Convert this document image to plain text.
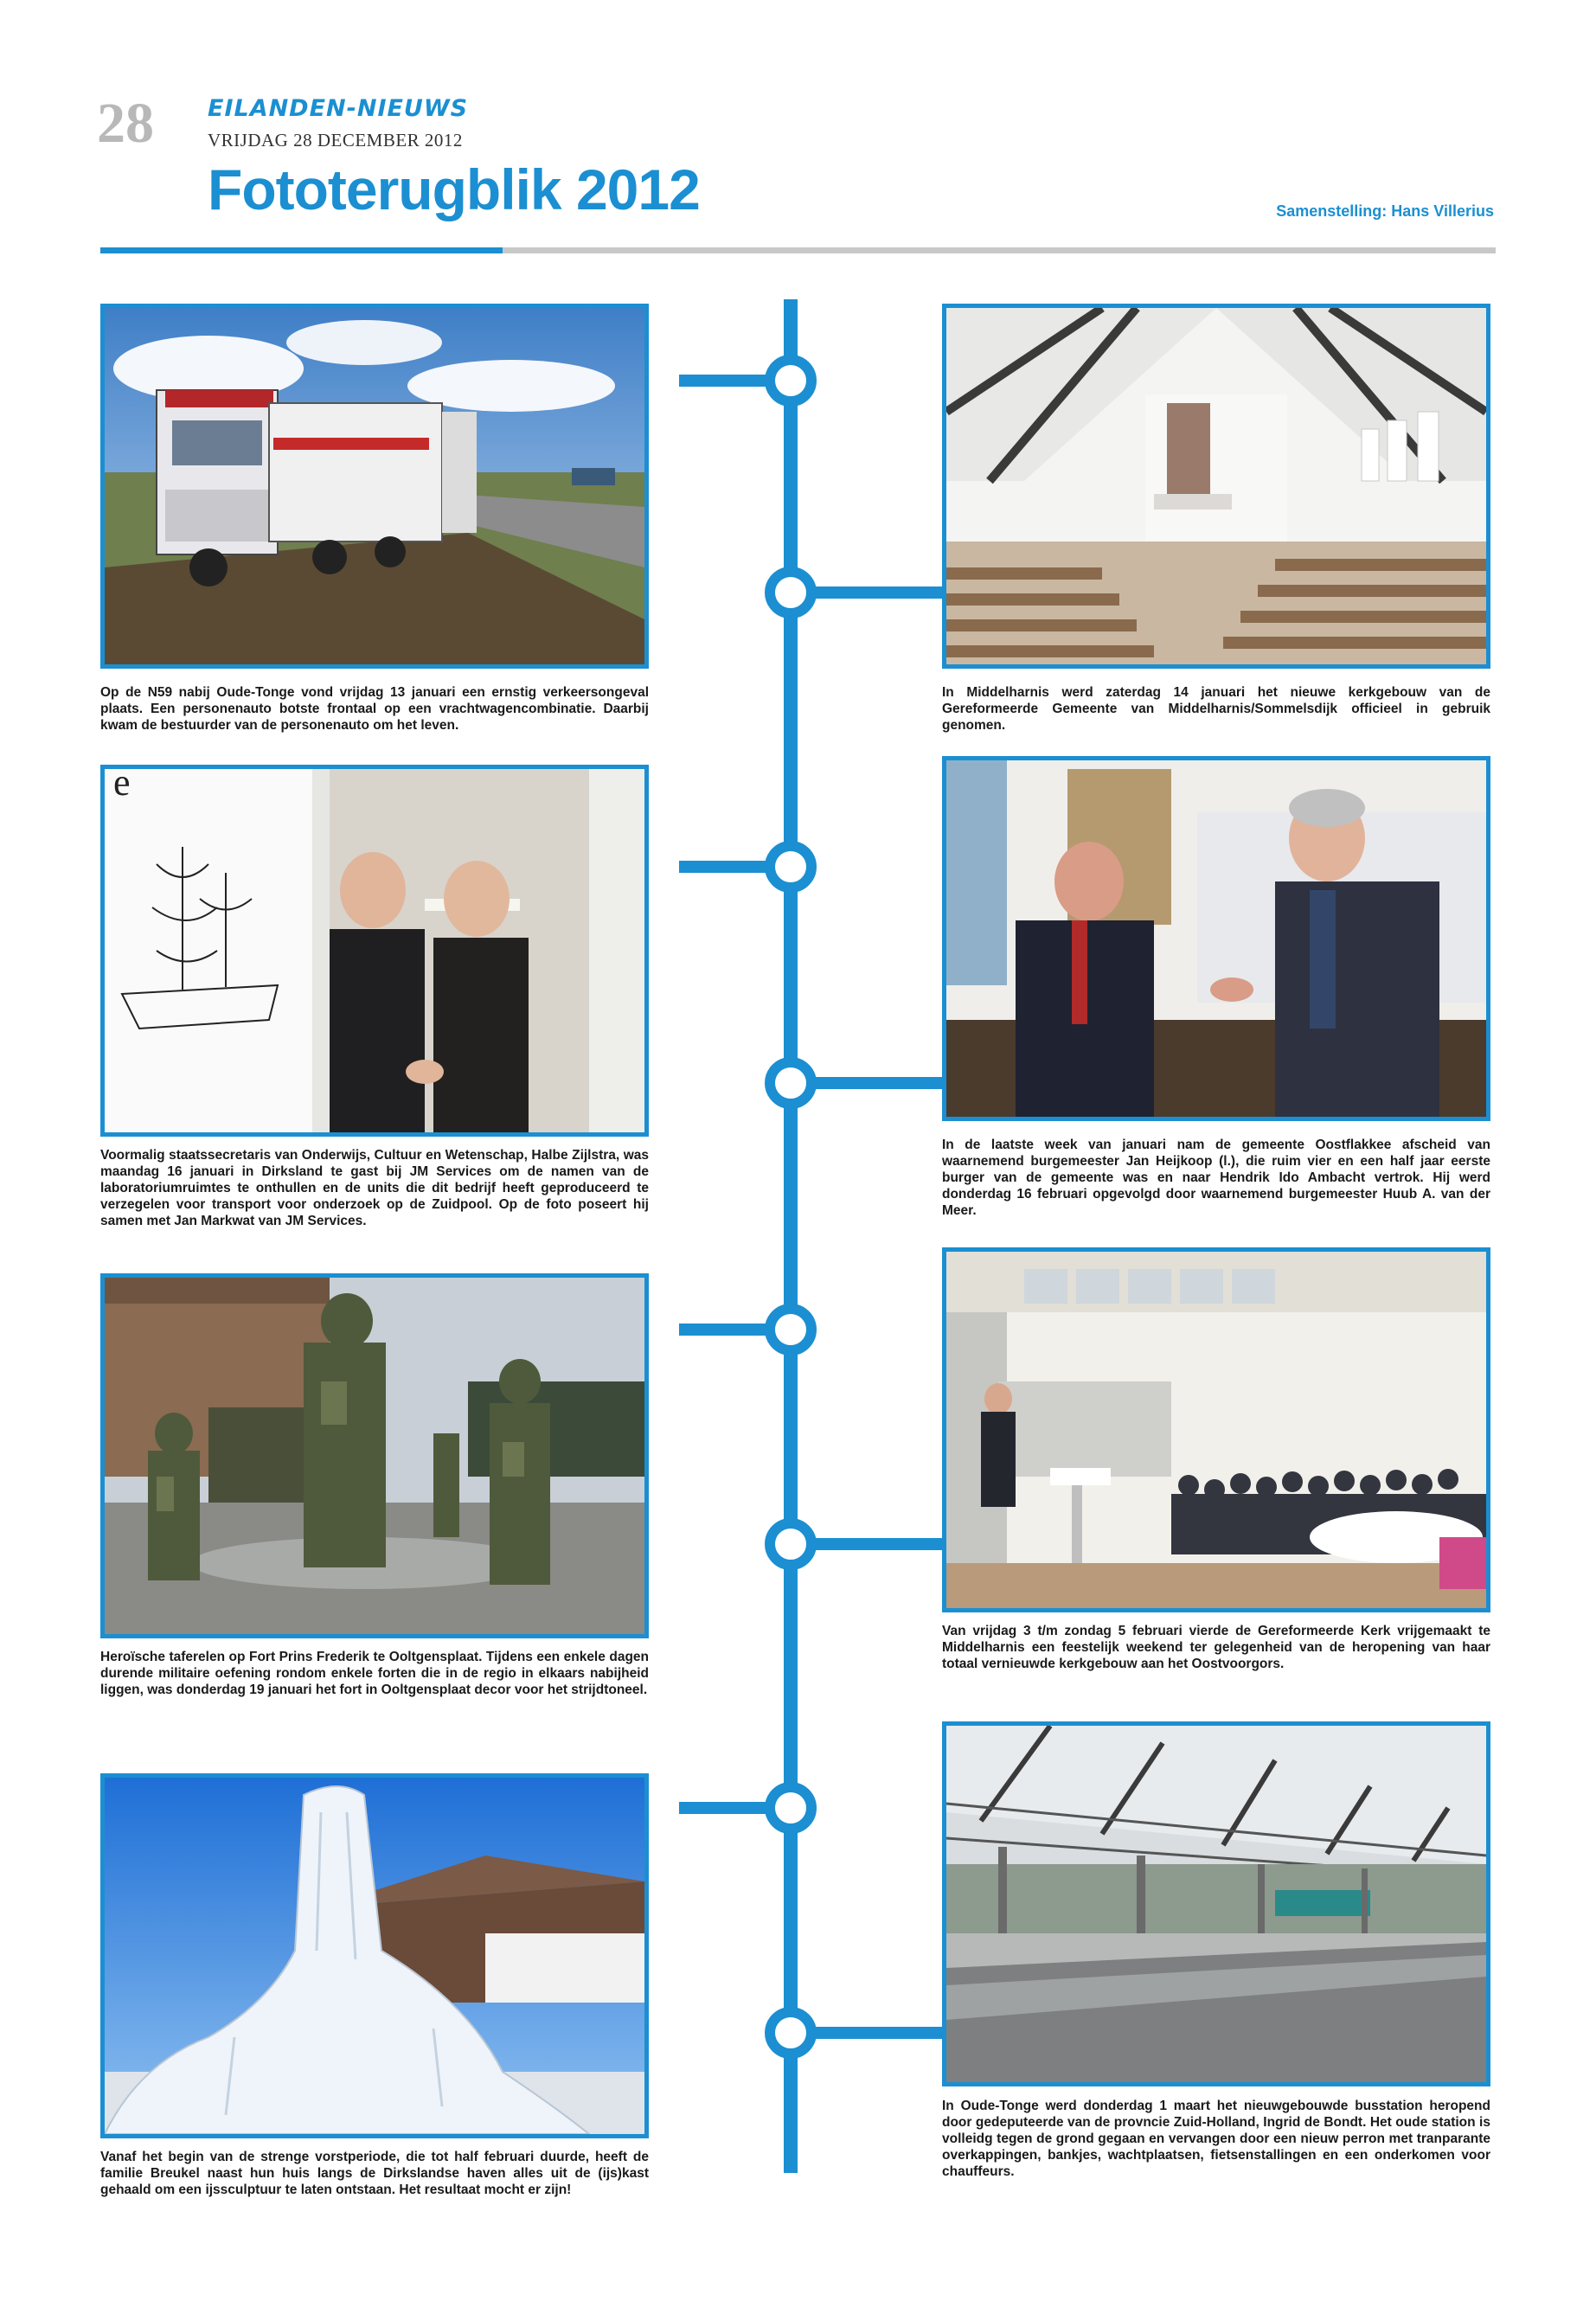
28 EILANDEN-NIEUWS
VRIJDAG 28 DECEMBER 2012
Fototerugblik 2012	Samenstelling: Hans Villerius

Op de N59 nabij Oude-Tonge vond vrijdag 13 januari een ernstig verkeersongeval plaats. Een personenauto botste frontaal op een vrachtwagencombinatie. Daarbij kwam de bestuurder van de personenauto om het leven.

e

Voormalig staatssecretaris van Onderwijs, Cultuur en Wetenschap, Halbe Zijlstra, was maandag 16 januari in Dirksland te gast bij JM Services om de namen van de laboratoriumruimtes te onthullen en de units die dit bedrijf heeft geproduceerd te verzegelen voor transport voor onderzoek op de Zuidpool. Op de foto poseert hij samen met Jan Markwat van JM Services.

Heroïsche taferelen op Fort Prins Frederik te Ooltgensplaat. Tijdens een enkele dagen durende militaire oefening rondom enkele forten die in de regio in elkaars nabijheid liggen, was donderdag 19 januari het fort in Ooltgensplaat decor voor het strijdtoneel.

Vanaf het begin van de strenge vorstperiode, die tot half februari duurde, heeft de familie Breukel naast hun huis langs de Dirkslandse haven alles uit de (ijs)kast gehaald om een ijssculptuur te laten ontstaan. Het resultaat mocht er zijn!

In Middelharnis werd zaterdag 14 januari het nieuwe kerkgebouw van de Gereformeerde Gemeente van Middelharnis/Sommelsdijk officieel in gebruik genomen.

In de laatste week van januari nam de gemeente Oostflakkee afscheid van waarnemend burgemeester Jan Heijkoop (l.), die ruim vier en een half jaar eerste burger van de gemeente was en naar Hendrik Ido Ambacht vertrok. Hij werd donderdag 16 februari opgevolgd door waarnemend burgemeester Huub A. van der Meer.

Van vrijdag 3 t/m zondag 5 februari vierde de Gereformeerde Kerk vrijgemaakt te Middelharnis een feestelijk weekend ter gelegenheid van de heropening van haar totaal vernieuwde kerkgebouw aan het Oostvoorgors.

In Oude-Tonge werd donderdag 1 maart het nieuwgebouwde busstation heropend door gedeputeerde van de provncie Zuid-Holland, Ingrid de Bondt. Het oude station is volleidg tegen de grond gegaan en vervangen door een nieuw perron met tranparante overkappingen, bankjes, wachtplaatsen, fietsenstallingen en een onderkomen voor chauffeurs.
